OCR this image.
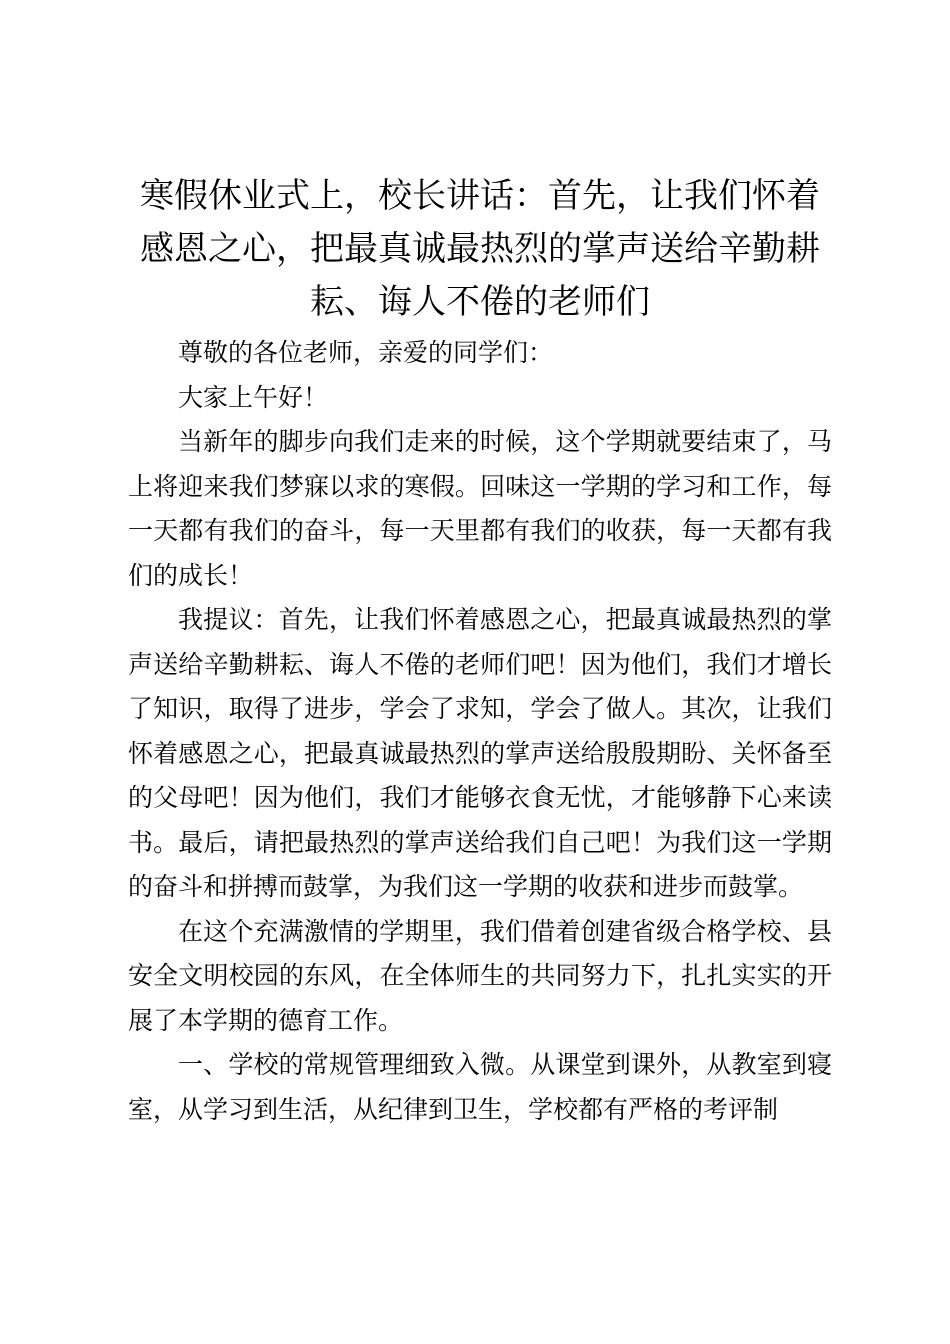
寒假休业式上，校长讲话：首先，让我们怀着感恩之心，把最真诚最热烈的掌声送给辛勤耕耘、诲人不倦的老师们

尊敬的各位老师，亲爱的同学们：

大家上午好！

当新年的脚步向我们走来的时候，这个学期就要结束了，马上将迎来我们梦寐以求的寒假。回味这一学期的学习和工作，每一天都有我们的奋斗，每一天里都有我们的收获，每一天都有我们的成长！

我提议：首先，让我们怀着感恩之心，把最真诚最热烈的掌声送给辛勤耕耘、诲人不倦的老师们吧！因为他们，我们才增长了知识，取得了进步，学会了求知，学会了做人。其次，让我们怀着感恩之心，把最真诚最热烈的掌声送给殷殷期盼、关怀备至的父母吧！因为他们，我们才能够衣食无忧，才能够静下心来读书。最后，请把最热烈的掌声送给我们自己吧！为我们这一学期的奋斗和拼搏而鼓掌，为我们这一学期的收获和进步而鼓掌。

在这个充满激情的学期里，我们借着创建省级合格学校、县安全文明校园的东风，在全体师生的共同努力下，扎扎实实的开展了本学期的德育工作。

一、学校的常规管理细致入微。从课堂到课外，从教室到寝室，从学习到生活，从纪律到卫生，学校都有严格的考评制
